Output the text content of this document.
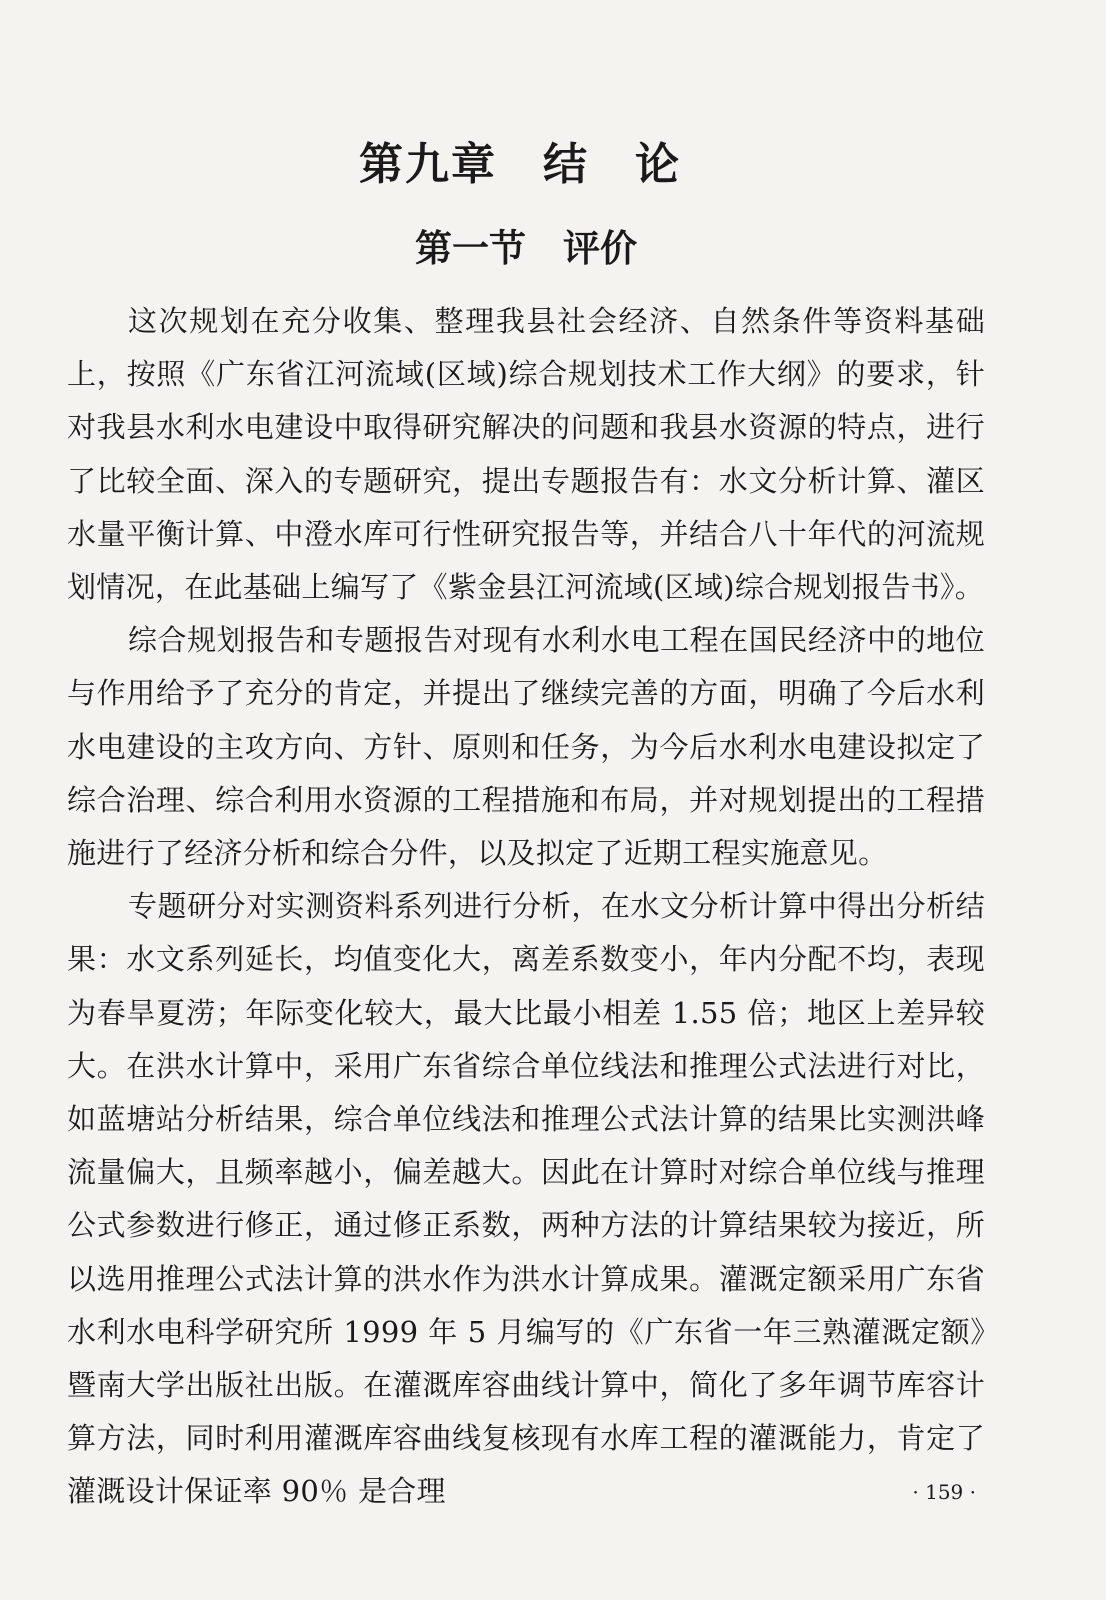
第九章　结　论
第一节　评价

这次规划在充分收集、整理我县社会经济、自然条件等资料基础上，按照《广东省江河流域(区域)综合规划技术工作大纲》的要求，针对我县水利水电建设中取得研究解决的问题和我县水资源的特点，进行了比较全面、深入的专题研究，提出专题报告有：水文分析计算、灌区水量平衡计算、中澄水库可行性研究报告等，并结合八十年代的河流规划情况，在此基础上编写了《紫金县江河流域(区域)综合规划报告书》。

综合规划报告和专题报告对现有水利水电工程在国民经济中的地位与作用给予了充分的肯定，并提出了继续完善的方面，明确了今后水利水电建设的主攻方向、方针、原则和任务，为今后水利水电建设拟定了综合治理、综合利用水资源的工程措施和布局，并对规划提出的工程措施进行了经济分析和综合分件，以及拟定了近期工程实施意见。

专题研分对实测资料系列进行分析，在水文分析计算中得出分析结果：水文系列延长，均值变化大，离差系数变小，年内分配不均，表现为春旱夏涝；年际变化较大，最大比最小相差 1.55 倍；地区上差异较大。在洪水计算中，采用广东省综合单位线法和推理公式法进行对比，如蓝塘站分析结果，综合单位线法和推理公式法计算的结果比实测洪峰流量偏大，且频率越小，偏差越大。因此在计算时对综合单位线与推理公式参数进行修正，通过修正系数，两种方法的计算结果较为接近，所以选用推理公式法计算的洪水作为洪水计算成果。灌溉定额采用广东省水利水电科学研究所 1999 年 5 月编写的《广东省一年三熟灌溉定额》暨南大学出版社出版。在灌溉库容曲线计算中，简化了多年调节库容计算方法，同时利用灌溉库容曲线复核现有水库工程的灌溉能力，肯定了灌溉设计保证率 90％ 是合理	· 159 ·
